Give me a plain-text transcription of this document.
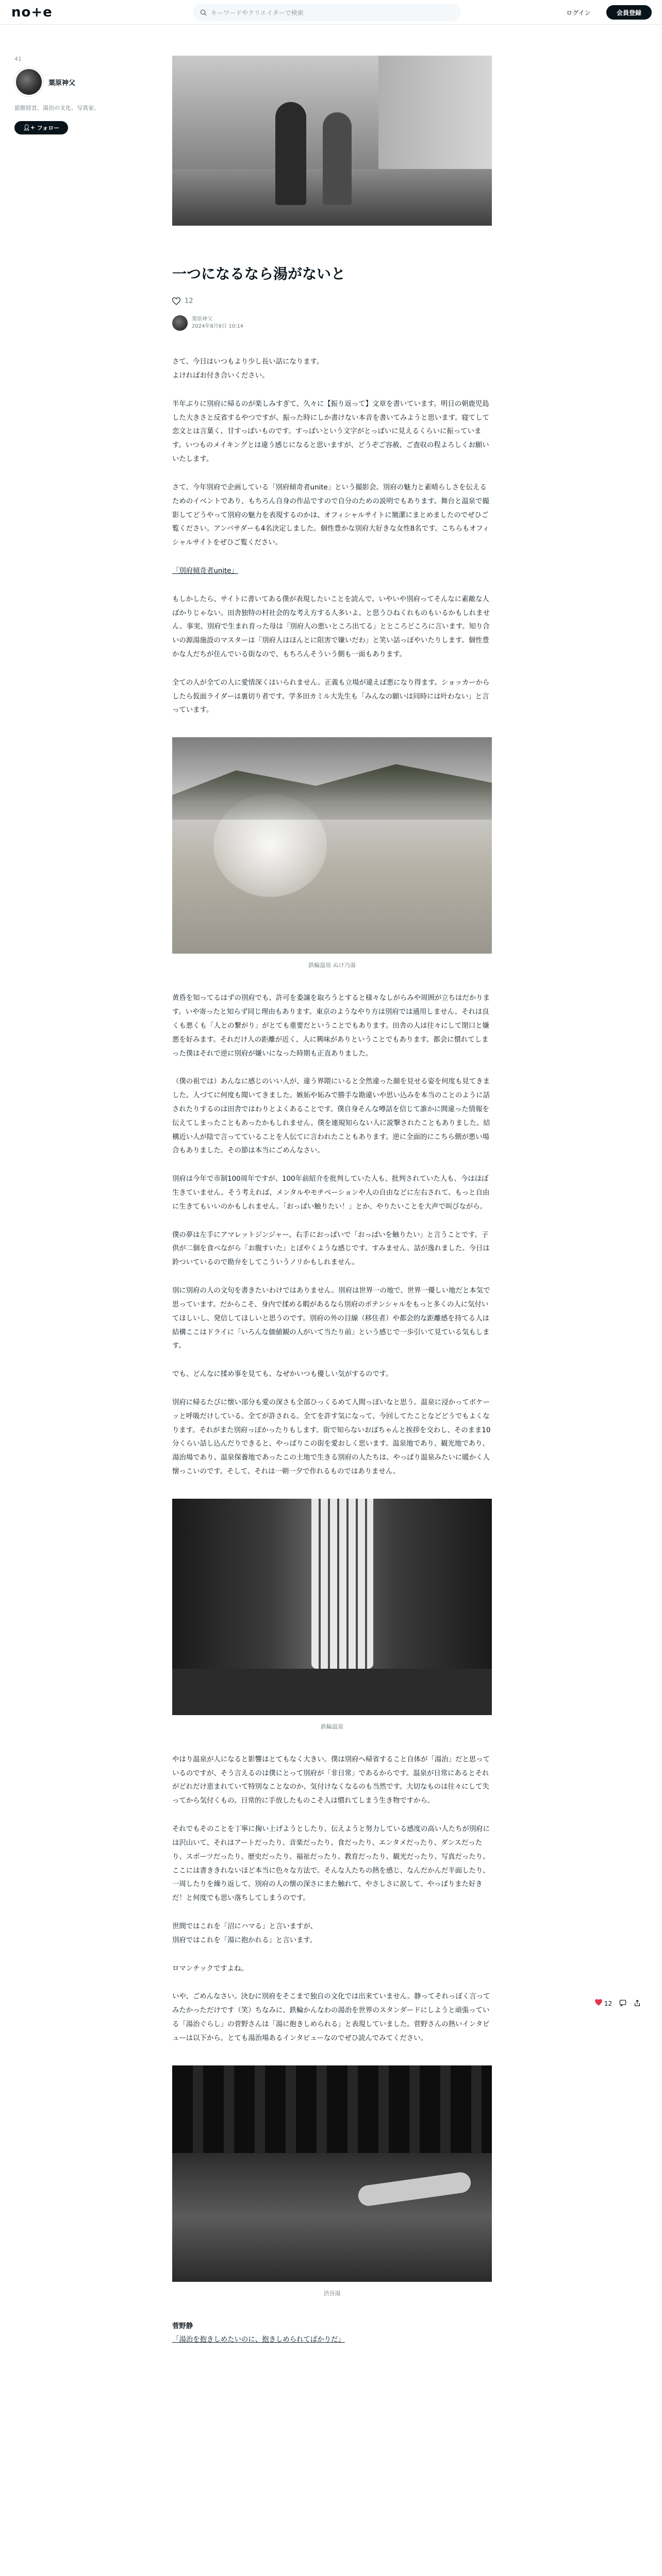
no+e	キーワードやクリエイターで検索	ログイン	会員登録
41
葉原神父
旅館経営、湯治の文化、写真家。
👤︎+
フォロー
一つになるなら湯がないと
12
葉原神父
2024年8月6日 10:14

さて、今日はいつもより少し長い話になります。
よければお付き合いください。

半年ぶりに別府に帰るのが楽しみすぎて、久々に【振り返って】文章を書いています。明日の朝鹿児島した大きさと反省するやつですが、振った時にしか書けない本音を書いてみようと思います。寝てして恋文とは言葉く、甘すっぱいものです。すっぱいという文字がとっぱいに見えるくらいに振っています。いつものメイキングとは違う感じになると思いますが、どうぞご容赦、ご査収の程よろしくお願いいたします。

さて、今年別府で企画している「別府傾奇者unite」という撮影会。別府の魅力と素晴らしさを伝えるためのイベントであり、もちろん自身の作品ですので自分のための説明でもあります。舞台と温泉で撮影してどうやって別府の魅力を表現するのかは、オフィシャルサイトに簡潔にまとめましたのでぜひご覧ください。アンバサダーも4名決定しました。個性豊かな別府大好きな女性8名です。こちらもオフィシャルサイトをぜひご覧ください。

「別府傾奇者unite」

もしかしたら、サイトに書いてある僕が表現したいことを読んで、いやいや別府ってそんなに素敵な人ばかりじゃない。田舎独特の村社会的な考え方する人多いよ。と思うひねくれものもいるかもしれません。事実、別府で生まれ育った母は「別府人の悪いところ出てる」とところどころに言います。知り合いの源湯施設のマスターは「別府人はほんとに阻害で嫌いだわ」と笑い話っぽやいたりします。個性豊かな人だちが住んでいる街なので、もちろんそういう側も一面もあります。

全ての人が全ての人に愛情深くはいられません。正義も立場が違えば悪になり得ます。ショッカーからしたら仮面ライダーは裏切り者です。学多田カミル大先生も「みんなの願いは同時には叶わない」と言っています。

鉄輪温泉 ぬけ乃湯

黄昏を知ってるはずの別府でも、許可を委譲を取ろうとすると様々なしがらみや周囲が立ちはだかります。いや寄ったと知らず同じ理由もあります。東京のようなやり方は別府では通用しません。それは良くも悪くも「人との繋がり」がとても重要だということでもあります。田舎の人は往々にして閉口と嫌悪を好みます。それだけ人の距離が近く、人に興味がありということでもあります。都会に慣れてしまった僕はそれで逆に別府が嫌いになった時期も正直ありました。

（僕の祖では）あんなに感じのいい人が、違う界隈にいると全然違った顔を見せる姿を何度も見てきました。人づてに何度も聞いてきました。嫉妬や妬みで勝手な勘違いや思い込みを本当のことのように話されたりするのは田舎ではわりとよくあることです。僕自身そんな噂話を信じて誰かに間違った情報を伝えてしまったこともあったかもしれません。僕を連規知らない人に説撃されたこともありました。結構近い人が陰で言ってていることを人伝てに言われたこともあります。逆に全面的にこちら側が悪い場合もありました。その節は本当にごめんなさい。

別府は今年で市制100周年ですが、100年前紹介を批判していた人も、批判されていた人も、今はほぼ生きていません。そう考えれば、メンタルやモチベーションや人の自由などに左右されて、もっと自由に生きてもいいのかもしれません。「おっぱい触りたい！」とか、やりたいことを大声で叫びながら。

僕の夢は左手にアマレットジンジャー、右手におっぱいで「おっぱいを触りたい」と言うことです。子供が二個を食べながら「お腹すいた」とぼやくような感じです。すみません、話が逸れました。今日は鈴ついているので勘弁をしてこういうノリかもしれません。

別に別府の人の文句を書きたいわけではありません。別府は世界一の地で、世界一優しい地だと本気で思っています。だからこそ、身内で揉める暇があるなら別府のポテンシャルをもっと多くの人に気付いてほしいし、発信してほしいと思うのです。別府の外の目線（移住者）や都会的な距離感を持てる人は結構ここはドライに「いろんな価値観の人がいて当たり前」という感じで一歩引いて見ている気もします。

でも、どんなに揉め事を見ても、なぜかいつも優しい気がするのです。

別府に帰るたびに懐い部分も愛の深さも全部ひっくるめて人間っぽいなと思う。温泉に浸かってボケーッと呼吸だけしている。全てが許される。全てを許す気になって、今回してたことなどどうでもよくなります。それがまた別府っぽかったりもします。街で知らないおばちゃんと挨拶を交わし、そのまま10分くらい話し込んだりできると、やっぱりこの街を愛おしく思います。温泉地であり、観光地であり、湯治場であり、温泉保養地であったこの土地で生きる別府の人たちは、やっぱり温泉みたいに暖かく人懐っこいのです。そして、それは一朝一夕で作れるものではありません。

鉄輪温泉

やはり温泉が人になると影響はとてもなく大きい。僕は別府へ帰省すること自体が「湯治」だと思っているのですが、そう言えるのは僕にとって別府が「非日常」であるからです。温泉が日常にあるとそれがどれだけ恵まれていて特別なことなのか、気付けなくなるのも当然です。大切なものは往々にして失ってから気付くもの。日常的に手放したものこそ人は慣れてしまう生き物ですから。

それでもそのことを丁寧に掬い上げようとしたり、伝えようと努力している感度の高い人たちが別府には沢山いて、それはアートだったり、音楽だったり、食だったり、エンタメだったり、ダンスだったり、スポーツだったり、歴史だったり、福祉だったり、教育だったり、観光だったり、写真だったり、ここには書ききれないほど本当に色々な方法で。そんな人たちの熱を感じ、なんだかんだ半面したり、一周したりを繰り返して、別府の人の懐の深さにまた触れて、やさしさに涙して、やっぱりまた好きだ！と何度でも思い落ちしてしまうのです。

世間ではこれを「沼にハマる」と言いますが、
別府ではこれを「湯に抱かれる」と言います。

ロマンチックですよね。

いや、ごめんなさい。決むに別府をそこまで独自の文化では出来ていません。静ってそれっぽく言ってみたかっただけです（笑）ちなみに、鉄輪かんなわの湯治を世界のスタンダードにしようと頑張っている「湯治ぐらし」の菅野さんは「湯に抱きしめられる」と表現していました。菅野さんの熱いインタビューは以下から。とても湯治場あるインタビューなのでぜひ読んでみてください。

渋谷湯
菅野静
「湯治を抱きしめたいのに、抱きしめられてばかりだ」
12
